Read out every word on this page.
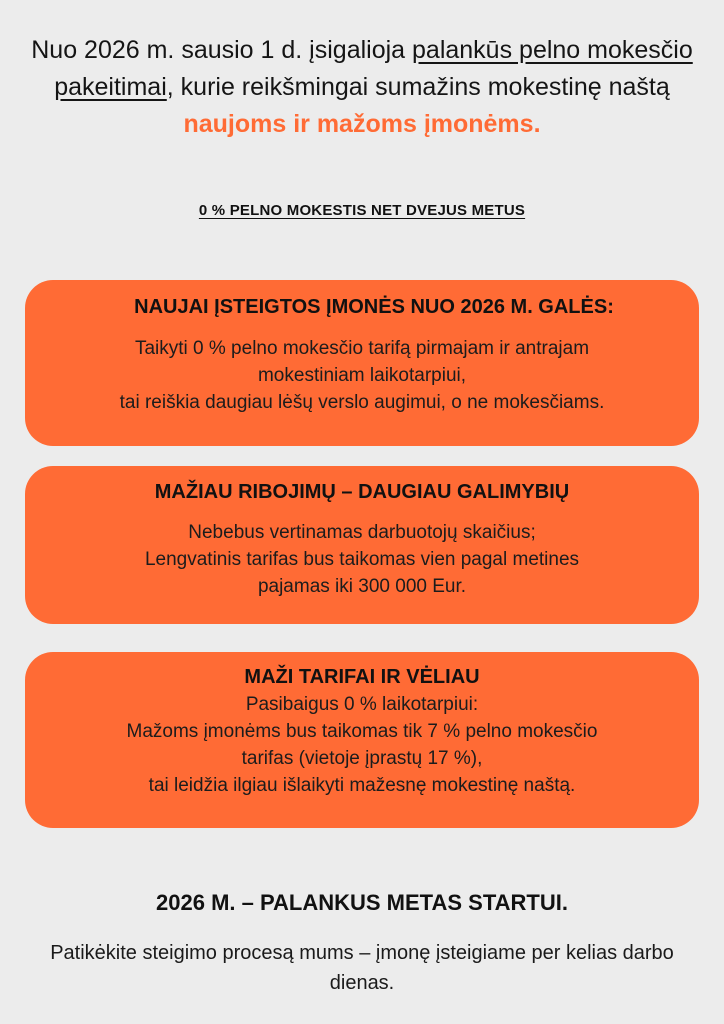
Nuo 2026 m. sausio 1 d. įsigalioja palankūs pelno mokesčio pakeitimai, kurie reikšmingai sumažins mokestinę naštą naujoms ir mažoms įmonėms.
0 % PELNO MOKESTIS NET DVEJUS METUS
NAUJAI ĮSTEIGTOS ĮMONĖS NUO 2026 M. GALĖS:
Taikyti 0 % pelno mokesčio tarifą pirmajam ir antrajam
mokestiniam laikotarpiui,
tai reiškia daugiau lėšų verslo augimui, o ne mokesčiams.
MAŽIAU RIBOJIMŲ – DAUGIAU GALIMYBIŲ
Nebebus vertinamas darbuotojų skaičius;
Lengvatinis tarifas bus taikomas vien pagal metines
pajamas iki 300 000 Eur.
MAŽI TARIFAI IR VĖLIAU
Pasibaigus 0 % laikotarpiui:
Mažoms įmonėms bus taikomas tik 7 % pelno mokesčio
tarifas (vietoje įprastų 17 %),
tai leidžia ilgiau išlaikyti mažesnę mokestinę naštą.
2026 M. – PALANKUS METAS STARTUI.
Patikėkite steigimo procesą mums – įmonę įsteigiame per kelias darbo dienas.
